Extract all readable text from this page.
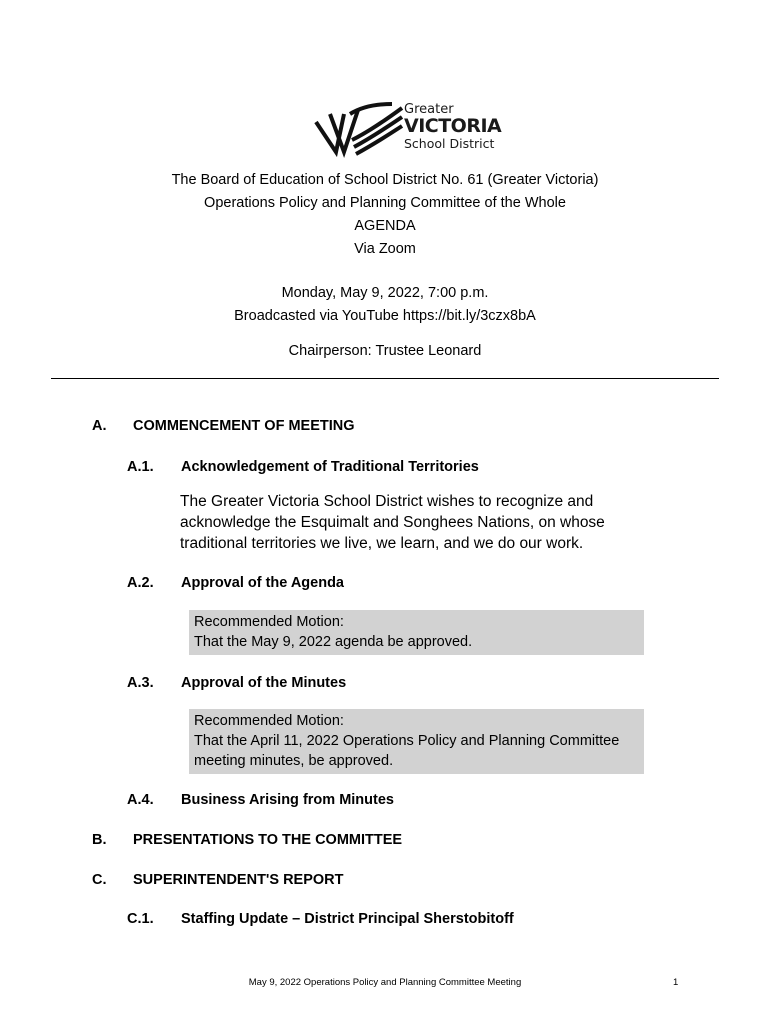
Greater
VICTORIA
School District
The Board of Education of School District No. 61 (Greater Victoria)
Operations Policy and Planning Committee of the Whole
AGENDA
Via Zoom
Monday, May 9, 2022, 7:00 p.m.
Broadcasted via YouTube https://bit.ly/3czx8bA
Chairperson: Trustee Leonard
A. COMMENCEMENT OF MEETING
A.1. Acknowledgement of Traditional Territories
The Greater Victoria School District wishes to recognize and
acknowledge the Esquimalt and Songhees Nations, on whose
traditional territories we live, we learn, and we do our work.
A.2. Approval of the Agenda
Recommended Motion:
That the May 9, 2022 agenda be approved.
A.3. Approval of the Minutes
Recommended Motion:
That the April 11, 2022 Operations Policy and Planning Committee
meeting minutes, be approved.
A.4. Business Arising from Minutes
B. PRESENTATIONS TO THE COMMITTEE
C. SUPERINTENDENT'S REPORT
C.1. Staffing Update – District Principal Sherstobitoff
May 9, 2022 Operations Policy and Planning Committee Meeting	1
